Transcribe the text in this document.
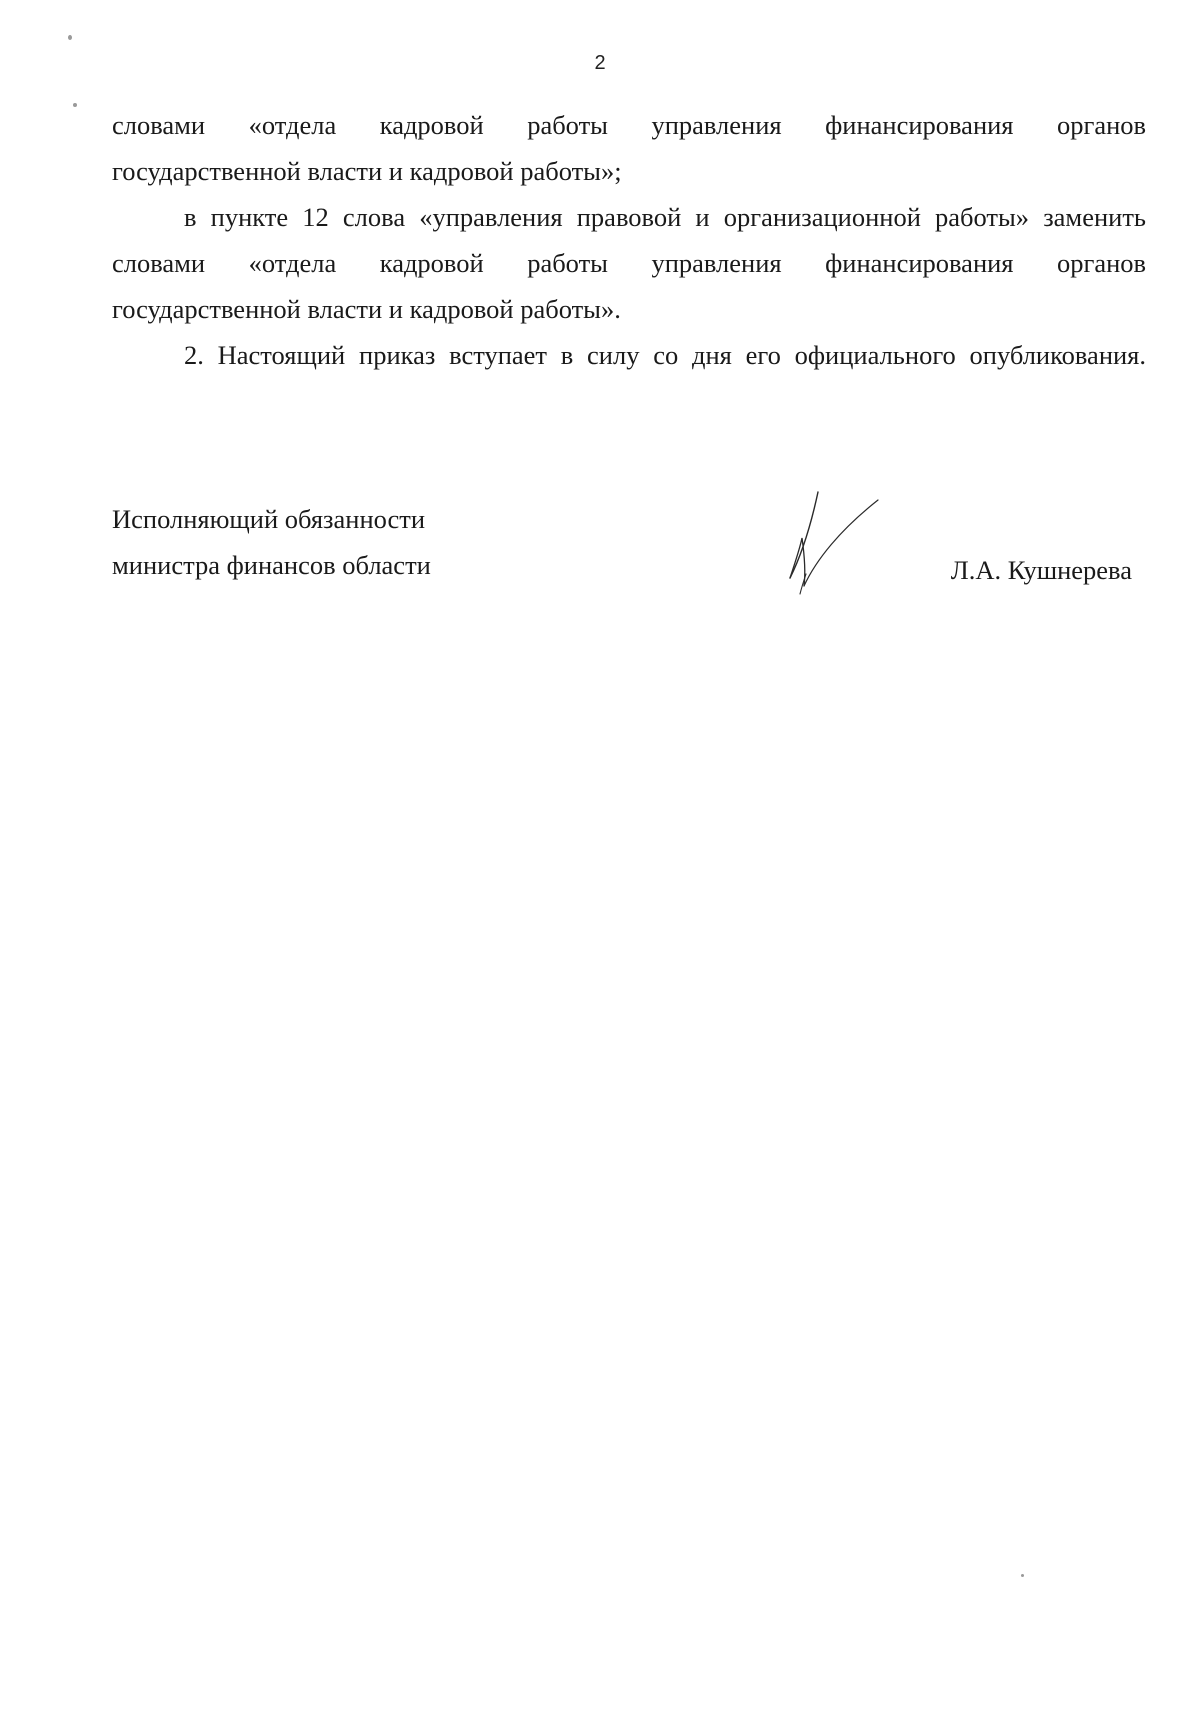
2
словами «отдела кадровой работы управления финансирования органов
государственной власти и кадровой работы»;
в пункте 12 слова «управления правовой и организационной работы» заменить
словами «отдела кадровой работы управления финансирования органов
государственной власти и кадровой работы».
2. Настоящий приказ вступает в силу со дня его официального опубликования.
Исполняющий обязанности
министра финансов области	Л.А. Кушнерева
